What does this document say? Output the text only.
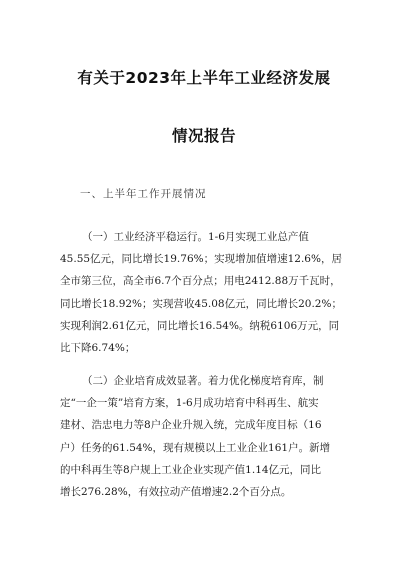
有关于2023年上半年工业经济发展
情况报告
一、上半年工作开展情况
（一）工业经济平稳运行。1-6月实现工业总产值
45.55亿元，同比增长19.76%；实现增加值增速12.6%，居
全市第三位，高全市6.7个百分点；用电2412.88万千瓦时，
同比增长18.92%；实现营收45.08亿元，同比增长20.2%；
实现利润2.61亿元，同比增长16.54%。纳税6106万元，同
比下降6.74%；
（二）企业培育成效显著。着力优化梯度培育库，制
定“一企一策”培育方案，1-6月成功培育中科再生、航实
建材、浩忠电力等8户企业升规入统，完成年度目标（16
户）任务的61.54%，现有规模以上工业企业161户。新增
的中科再生等8户规上工业企业实现产值1.14亿元，同比
增长276.28%，有效拉动产值增速2.2个百分点。
